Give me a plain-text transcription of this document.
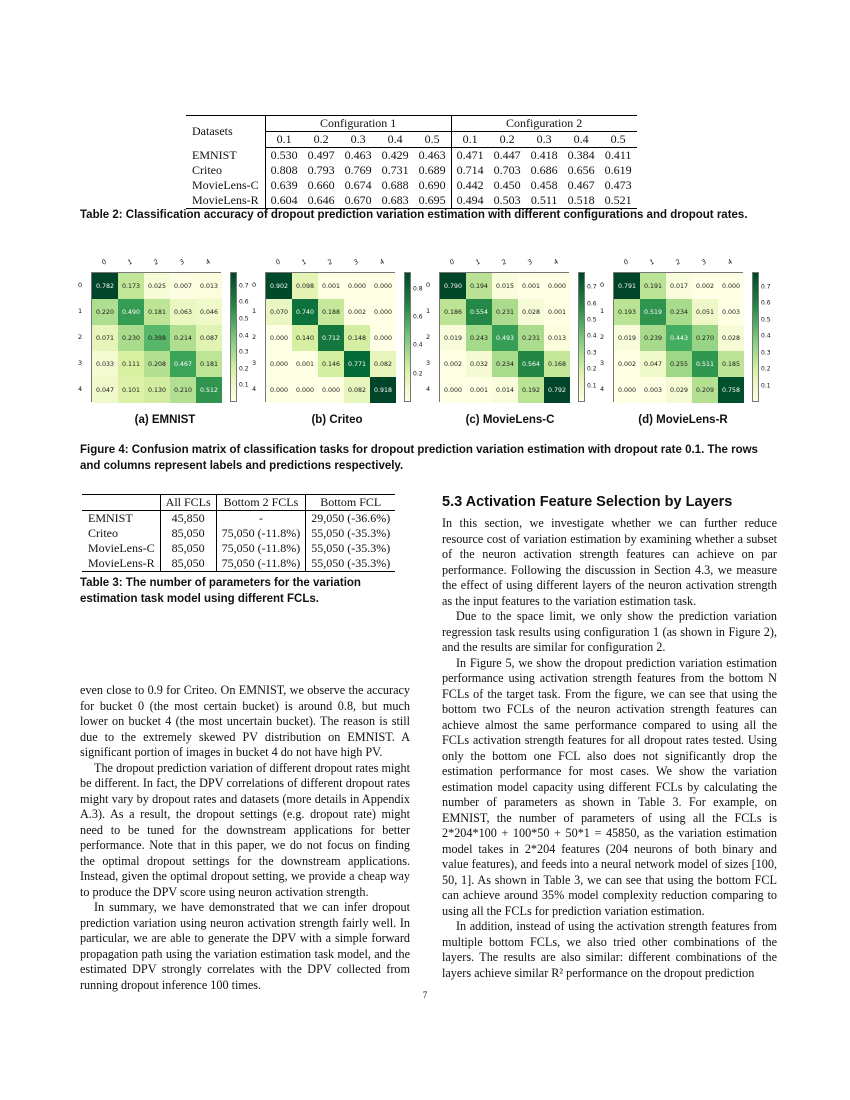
Datasets	Configuration 1					Configuration 2				
	0.1	0.2	0.3	0.4	0.5	0.1	0.2	0.3	0.4	0.5
EMNIST	0.530	0.497	0.463	0.429	0.463	0.471	0.447	0.418	0.384	0.411
Criteo	0.808	0.793	0.769	0.731	0.689	0.714	0.703	0.686	0.656	0.619
MovieLens-C	0.639	0.660	0.674	0.688	0.690	0.442	0.450	0.458	0.467	0.473
MovieLens-R	0.604	0.646	0.670	0.683	0.695	0.494	0.503	0.511	0.518	0.521
Table 2: Classification accuracy of dropout prediction variation estimation with different configurations and dropout rates.
0	1	2	3	4
0
1
2
3
4
0.782	0.173	0.025	0.007	0.013
0.220	0.490	0.181	0.063	0.046
0.071	0.230	0.398	0.214	0.087
0.033	0.111	0.208	0.467	0.181
0.047	0.101	0.130	0.210	0.512
0.7
0.6
0.5
0.4
0.3
0.2
0.1
0	1	2	3	4
0
1
2
3
4
0.902	0.098	0.001	0.000	0.000
0.070	0.740	0.188	0.002	0.000
0.000	0.140	0.712	0.148	0.000
0.000	0.001	0.146	0.771	0.082
0.000	0.000	0.000	0.082	0.918
0.8
0.6
0.4
0.2
0	1	2	3	4
0
1
2
3
4
0.790	0.194	0.015	0.001	0.000
0.186	0.554	0.231	0.028	0.001
0.019	0.243	0.493	0.231	0.013
0.002	0.032	0.234	0.564	0.168
0.000	0.001	0.014	0.192	0.792
0.7
0.6
0.5
0.4
0.3
0.2
0.1
0	1	2	3	4
0
1
2
3
4
0.791	0.191	0.017	0.002	0.000
0.193	0.519	0.234	0.051	0.003
0.019	0.239	0.443	0.270	0.028
0.002	0.047	0.255	0.511	0.185
0.000	0.003	0.029	0.209	0.758
0.7
0.6
0.5
0.4
0.3
0.2
0.1
(a) EMNIST	(b) Criteo	(c) MovieLens-C	(d) MovieLens-R
Figure 4: Confusion matrix of classification tasks for dropout prediction variation estimation with dropout rate 0.1. The rows and columns represent labels and predictions respectively.
	All FCLs	Bottom 2 FCLs	Bottom FCL
EMNIST	45,850	-	29,050 (-36.6%)
Criteo	85,050	75,050 (-11.8%)	55,050 (-35.3%)
MovieLens-C	85,050	75,050 (-11.8%)	55,050 (-35.3%)
MovieLens-R	85,050	75,050 (-11.8%)	55,050 (-35.3%)
Table 3: The number of parameters for the variation estimation task model using different FCLs.

even close to 0.9 for Criteo. On EMNIST, we observe the accuracy for bucket 0 (the most certain bucket) is around 0.8, but much lower on bucket 4 (the most uncertain bucket). The reason is still due to the extremely skewed PV distribution on EMNIST. A significant portion of images in bucket 4 do not have high PV.

The dropout prediction variation of different dropout rates might be different. In fact, the DPV correlations of different dropout rates might vary by dropout rates and datasets (more details in Appendix A.3). As a result, the dropout settings (e.g. dropout rate) might need to be tuned for the downstream applications for better performance. Note that in this paper, we do not focus on finding the optimal dropout settings for the downstream applications. Instead, given the optimal dropout setting, we provide a cheap way to produce the DPV score using neuron activation strength.

In summary, we have demonstrated that we can infer dropout prediction variation using neuron activation strength fairly well. In particular, we are able to generate the DPV with a simple forward propagation path using the variation estimation task model, and the estimated DPV strongly correlates with the DPV collected from running dropout inference 100 times.

5.3 Activation Feature Selection by Layers

In this section, we investigate whether we can further reduce resource cost of variation estimation by examining whether a subset of the neuron activation strength features can achieve on par performance. Following the discussion in Section 4.3, we measure the effect of using different layers of the neuron activation strength as the input features to the variation estimation task.

Due to the space limit, we only show the prediction variation regression task results using configuration 1 (as shown in Figure 2), and the results are similar for configuration 2.

In Figure 5, we show the dropout prediction variation estimation performance using activation strength features from the bottom N FCLs of the target task. From the figure, we can see that using the bottom two FCLs of the neuron activation strength features can achieve almost the same performance compared to using all the FCLs activation strength features for all dropout rates tested. Using only the bottom one FCL also does not significantly drop the estimation performance for most cases. We show the variation estimation model capacity using different FCLs by calculating the number of parameters as shown in Table 3. For example, on EMNIST, the number of parameters of using all the FCLs is 2*204*100 + 100*50 + 50*1 = 45850, as the variation estimation model takes in 2*204 features (204 neurons of both binary and value features), and feeds into a neural network model of sizes [100, 50, 1]. As shown in Table 3, we can see that using the bottom FCL can achieve around 35% model complexity reduction comparing to using all the FCLs for prediction variation estimation.

In addition, instead of using the activation strength features from multiple bottom FCLs, we also tried other combinations of the layers. The results are also similar: different combinations of the layers achieve similar R² performance on the dropout prediction

7
